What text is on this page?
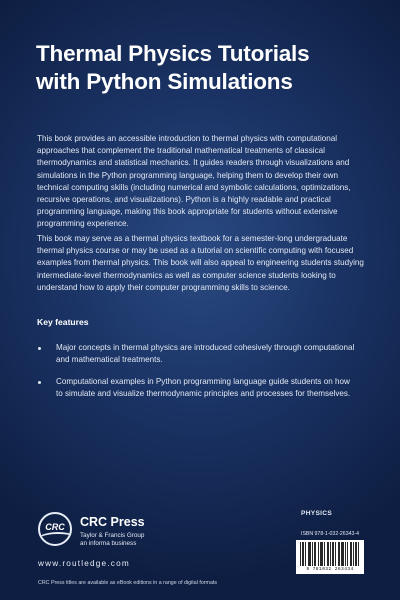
Thermal Physics Tutorials
with Python Simulations
This book provides an accessible introduction to thermal physics with computational approaches that complement the traditional mathematical treatments of classical thermodynamics and statistical mechanics. It guides readers through visualizations and simulations in the Python programming language, helping them to develop their own technical computing skills (including numerical and symbolic calculations, optimizations, recursive operations, and visualizations). Python is a highly readable and practical programming language, making this book appropriate for students without extensive programming experience.
This book may serve as a thermal physics textbook for a semester-long undergraduate thermal physics course or may be used as a tutorial on scientific computing with focused examples from thermal physics. This book will also appeal to engineering students studying intermediate-level thermodynamics as well as computer science students looking to understand how to apply their computer programming skills to science.
Key features
Major concepts in thermal physics are introduced cohesively through computational and mathematical treatments.
Computational examples in Python programming language guide students on how to simulate and visualize thermodynamic principles and processes for themselves.
CRC	CRC Press
Taylor & Francis Group
an informa business
www.routledge.com
CRC Press titles are available as eBook editions in a range of digital formats
PHYSICS
ISBN 978-1-032-26343-4
9 781032 263434
